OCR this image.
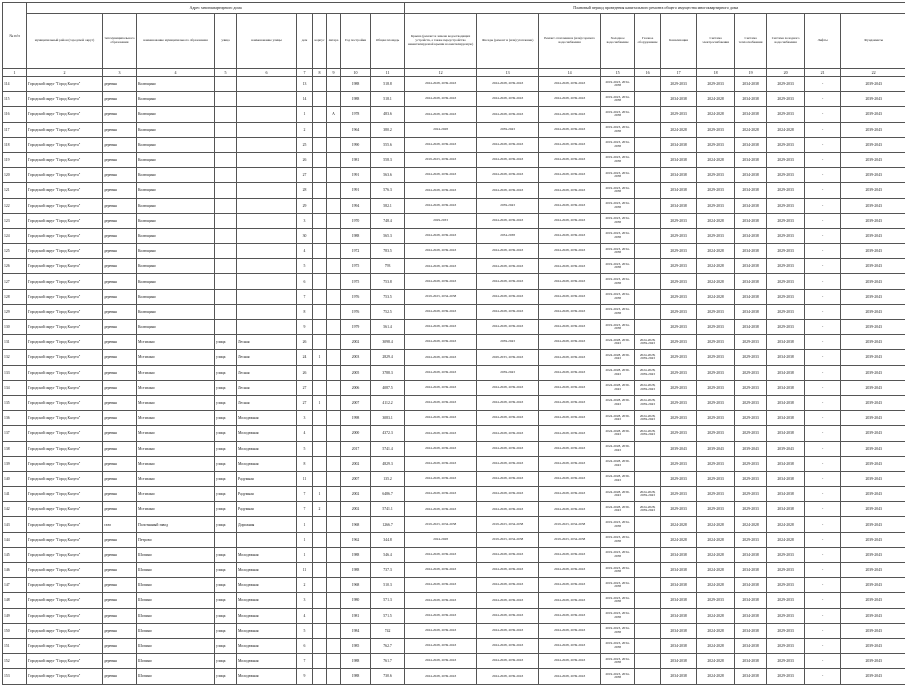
№ п/п	Адрес многоквартирного дома										Плановый период проведения капитального ремонта общего имущества многоквартирного дома										
	муниципальный район (городской округ)	тип муниципального образования	наименование муниципального образования	улица	наименование улицы	дом	корпус	литера	Год постройки	Общая площадь	Крыша (ремонт и замена водоотводящих устройств, а также переустройство невентилируемой крыши на вентилируемую)	Фасады (ремонт и (или) утепление)	Ремонт отопления и (или) горячего водоснабжения	Холодное водоснабжение	Газовое оборудование	Канализация	Система электроснабжения	Система теплоснабжения	Система холодного водоснабжения	Лифты	Фундаменты
1	2	3	4	5	6	7	8	9	10	11	12	13	14	15	16	17	18	19	20	21	22
114	Городской округ "Город Калуга"	деревня	Колющино			13			1988	518.8	2024-2028, 2039-2043	2024-2028, 2039-2043	2024-2028, 2039-2043	2019-2023, 2034-2038		2029-2033	2029-2033	2034-2038	2029-2033	-	2039-2043
115	Городской округ "Город Калуга"	деревня	Колющино			14			1988	518.1	2024-2028, 2039-2043	2024-2028, 2039-2043	2024-2028, 2039-2043	2019-2023, 2034-2038		2034-2038	2024-2028	2034-2038	2029-2033	-	2039-2043
116	Городской округ "Город Калуга"	деревня	Колющино			1		А	1978	483.6	2024-2028, 2039-2043	2024-2028, 2039-2043	2024-2028, 2039-2043	2019-2023, 2034-2038		2029-2033	2024-2028	2034-2038	2029-2033	-	2039-2043
117	Городской округ "Город Калуга"	деревня	Колющино			2			1964	380.2	2024-2028	2039-2043	2024-2028, 2039-2043	2019-2023, 2034-2038		2024-2028	2029-2033	2024-2028	2024-2028	-	2039-2043
118	Городской округ "Город Калуга"	деревня	Колющино			25			1990	555.6	2024-2028, 2039-2043	2024-2028, 2039-2043	2024-2028, 2039-2043	2019-2023, 2034-2038		2034-2038	2029-2033	2034-2038	2029-2033	-	2039-2043
119	Городской округ "Город Калуга"	деревня	Колющино			26			1981	558.3	2019-2023, 2039-2043	2024-2028, 2039-2043	2024-2028, 2039-2043	2019-2023, 2034-2038		2034-2038	2024-2028	2034-2038	2029-2033	-	2039-2043
120	Городской округ "Город Калуга"	деревня	Колющино			27			1991	563.6	2024-2028, 2039-2043	2024-2028, 2039-2043	2024-2028, 2039-2043	2019-2023, 2034-2038		2034-2038	2029-2033	2034-2038	2029-2033	-	2039-2043
121	Городской округ "Город Калуга"	деревня	Колющино			28			1991	576.3	2024-2028, 2039-2043	2024-2028, 2039-2043	2024-2028, 2039-2043	2019-2023, 2034-2038		2034-2038	2029-2033	2034-2038	2029-2033	-	2039-2043
122	Городской округ "Город Калуга"	деревня	Колющино			29			1994	582.1	2024-2028, 2039-2043	2039-2043	2024-2028, 2039-2043	2019-2023, 2034-2038		2034-2038	2029-2033	2034-2038	2029-2033	-	2039-2043
123	Городской округ "Город Калуга"	деревня	Колющино			3			1970	748.4	2029-2033	2024-2028, 2039-2043	2024-2028, 2039-2043	2019-2023, 2034-2038		2029-2033	2024-2028	2034-2038	2029-2033	-	2039-2043
124	Городской округ "Город Калуга"	деревня	Колющино			30			1988	565.3	2024-2028, 2039-2043	2034-2038	2024-2028, 2039-2043	2019-2023, 2034-2038		2029-2033	2029-2033	2034-2038	2029-2033	-	2039-2043
125	Городской округ "Город Калуга"	деревня	Колющино			4			1972	783.5	2024-2028, 2039-2043	2024-2028, 2039-2043	2024-2028, 2039-2043	2019-2023, 2034-2038		2029-2033	2024-2028	2034-2038	2029-2033	-	2039-2043
126	Городской округ "Город Калуга"	деревня	Колющино			5			1975	793	2024-2028, 2039-2043	2024-2028, 2039-2043	2024-2028, 2039-2043	2019-2023, 2034-2038		2029-2033	2024-2028	2034-2038	2029-2033	-	2039-2043
127	Городской округ "Город Калуга"	деревня	Колющино			6			1975	753.8	2024-2028, 2039-2043	2024-2028, 2039-2043	2024-2028, 2039-2043	2019-2023, 2034-2038		2029-2033	2024-2028	2034-2038	2029-2033	-	2039-2043
128	Городской округ "Город Калуга"	деревня	Колющино			7			1976	753.5	2019-2023, 2034-2038	2024-2028, 2039-2043	2024-2028, 2039-2043	2019-2023, 2034-2038		2029-2033	2024-2028	2034-2038	2029-2033	-	2039-2043
129	Городской округ "Город Калуга"	деревня	Колющино			8			1976	752.5	2024-2028, 2039-2043	2024-2028, 2039-2043	2024-2028, 2039-2043	2019-2023, 2034-2038		2029-2033	2029-2033	2034-2038	2029-2033	-	2039-2043
130	Городской округ "Город Калуга"	деревня	Колющино			9			1979	561.4	2024-2028, 2039-2043	2024-2028, 2039-2043	2024-2028, 2039-2043	2019-2023, 2034-2038		2029-2033	2029-2033	2034-2038	2029-2033	-	2039-2043
131	Городской округ "Город Калуга"	деревня	Мстихино	улица	Лесная	26			2002	3098.4	2024-2028, 2039-2043	2039-2043	2024-2028, 2039-2043	2024-2028, 2039-2043	2024-2028, 2039-2043	2029-2033	2029-2033	2029-2033	2034-2038	-	2039-2043
132	Городской округ "Город Калуга"	деревня	Мстихино	улица	Лесная	24	1		2003	2829.4	2024-2028, 2039-2043	2029-2033, 2039-2043	2024-2028, 2039-2043	2024-2028, 2039-2043	2024-2028, 2039-2043	2029-2033	2029-2033	2029-2033	2034-2038	-	2039-2043
133	Городской округ "Город Калуга"	деревня	Мстихино	улица	Лесная	26			2005	3788.3	2024-2028, 2039-2043	2039-2043	2024-2028, 2039-2043	2024-2028, 2039-2043	2024-2028, 2039-2043	2029-2033	2029-2033	2029-2033	2034-2038	-	2039-2043
134	Городской округ "Город Калуга"	деревня	Мстихино	улица	Лесная	27			2006	4087.5	2024-2028, 2039-2043	2024-2028, 2039-2043	2024-2028, 2039-2043	2024-2028, 2039-2043	2024-2028, 2039-2043	2029-2033	2029-2033	2029-2033	2034-2038	-	2039-2043
135	Городской округ "Город Калуга"	деревня	Мстихино	улица	Лесная	27	1		2007	4112.2	2024-2028, 2039-2043	2024-2028, 2039-2043	2024-2028, 2039-2043	2024-2028, 2039-2043	2024-2028, 2039-2043	2029-2033	2029-2033	2029-2033	2034-2038	-	2039-2043
136	Городской округ "Город Калуга"	деревня	Мстихино	улица	Молодежная	3			1998	3083.1	2024-2028, 2039-2043	2024-2028, 2039-2043	2024-2028, 2039-2043	2024-2028, 2039-2043	2024-2028, 2039-2043	2029-2033	2029-2033	2029-2033	2034-2038	-	2039-2043
137	Городской округ "Город Калуга"	деревня	Мстихино	улица	Молодежная	4			2000	4372.3	2024-2028, 2039-2043	2024-2028, 2039-2043	2024-2028, 2039-2043	2024-2028, 2039-2043	2024-2028, 2039-2043	2029-2033	2029-2033	2029-2033	2034-2038	-	2039-2043
138	Городской округ "Город Калуга"	деревня	Мстихино	улица	Молодежная	5			2017	5741.4	2024-2028, 2039-2043	2024-2028, 2039-2043	2024-2028, 2039-2043	2024-2028, 2039-2043		2039-2043	2039-2043	2039-2043	2039-2043	-	2039-2043
139	Городской округ "Город Калуга"	деревня	Мстихино	улица	Молодежная	8			2002	4829.3	2024-2028, 2039-2043	2024-2028, 2039-2043	2024-2028, 2039-2043	2024-2028, 2039-2043		2029-2033	2029-2033	2029-2033	2034-2038	-	2039-2043
140	Городской округ "Город Калуга"	деревня	Мстихино	улица	Радужная	11			2007	135.2	2024-2028, 2039-2043	2024-2028, 2039-2043	2024-2028, 2039-2043	2024-2028, 2039-2043		2029-2033	2029-2033	2029-2033	2034-2038	-	2039-2043
141	Городской округ "Город Калуга"	деревня	Мстихино	улица	Радужная	7	1		2002	6486.7	2024-2028, 2039-2043	2024-2028, 2039-2043	2024-2028, 2039-2043	2024-2028, 2039-2043	2024-2028, 2039-2043	2029-2033	2029-2033	2029-2033	2034-2038	-	2039-2043
142	Городской округ "Город Калуга"	деревня	Мстихино	улица	Радужная	7	2		2002	5741.1	2024-2028, 2039-2043	2024-2028, 2039-2043	2024-2028, 2039-2043	2024-2028, 2039-2043	2024-2028, 2039-2043	2029-2033	2029-2033	2029-2033	2034-2038	-	2039-2043
143	Городской округ "Город Калуга"	село	Полотняный завод	улица	Дорожная	1			1968	1266.7	2019-2023, 2034-2038	2019-2023, 2034-2038	2019-2023, 2034-2038	2019-2023, 2034-2038		2024-2028	2024-2028	2024-2028	2024-2028	-	2039-2043
144	Городской округ "Город Калуга"	деревня	Петрово			1			1962	344.8	2024-2028	2019-2023, 2034-2038	2019-2023, 2034-2038	2019-2023, 2034-2038		2024-2028	2024-2028	2029-2033	2024-2028	-	2039-2043
145	Городской округ "Город Калуга"	деревня	Шопино	улица	Молодежная	1			1988	546.4	2024-2028, 2039-2043	2024-2028, 2039-2043	2024-2028, 2039-2043	2019-2023, 2034-2038		2034-2038	2024-2028	2034-2038	2029-2033	-	2039-2043
146	Городской округ "Город Калуга"	деревня	Шопино	улица	Молодежная	11			1988	737.3	2024-2028, 2039-2043	2024-2028, 2039-2043	2024-2028, 2039-2043	2019-2023, 2034-2038		2034-2038	2024-2028	2034-2038	2029-2033	-	2039-2043
147	Городской округ "Город Калуга"	деревня	Шопино	улица	Молодежная	2			1968	510.3	2024-2028, 2039-2043	2024-2028, 2039-2043	2024-2028, 2039-2043	2019-2023, 2034-2038		2034-2038	2024-2028	2034-2038	2029-2033	-	2039-2043
148	Городской округ "Город Калуга"	деревня	Шопино	улица	Молодежная	3			1980	571.3	2024-2028, 2039-2043	2024-2028, 2039-2043	2024-2028, 2039-2043	2019-2023, 2034-2038		2034-2038	2029-2033	2034-2038	2029-2033	-	2039-2043
149	Городской округ "Город Калуга"	деревня	Шопино	улица	Молодежная	4			1981	571.5	2024-2028, 2039-2043	2024-2028, 2039-2043	2024-2028, 2039-2043	2019-2023, 2034-2038		2034-2038	2024-2028	2034-2038	2029-2033	-	2039-2043
150	Городской округ "Город Калуга"	деревня	Шопино	улица	Молодежная	5			1984	742	2024-2028, 2039-2043	2024-2028, 2039-2043	2024-2028, 2039-2043	2019-2023, 2034-2038		2034-2038	2024-2028	2034-2038	2029-2033	-	2039-2043
151	Городской округ "Город Калуга"	деревня	Шопино	улица	Молодежная	6			1985	762.7	2024-2028, 2039-2043	2024-2028, 2039-2043	2024-2028, 2039-2043	2019-2023, 2034-2038		2034-2038	2024-2028	2034-2038	2029-2033	-	2039-2043
152	Городской округ "Город Калуга"	деревня	Шопино	улица	Молодежная	7			1988	761.7	2024-2028, 2039-2043	2024-2028, 2039-2043	2024-2028, 2039-2043	2019-2023, 2034-2038		2034-2038	2024-2028	2034-2038	2029-2033	-	2039-2043
153	Городской округ "Город Калуга"	деревня	Шопино	улица	Молодежная	9			1988	730.6	2024-2028, 2039-2043	2024-2028, 2039-2043	2024-2028, 2039-2043	2019-2023, 2034-2038		2034-2038	2024-2028	2034-2038	2029-2033	-	2039-2043
